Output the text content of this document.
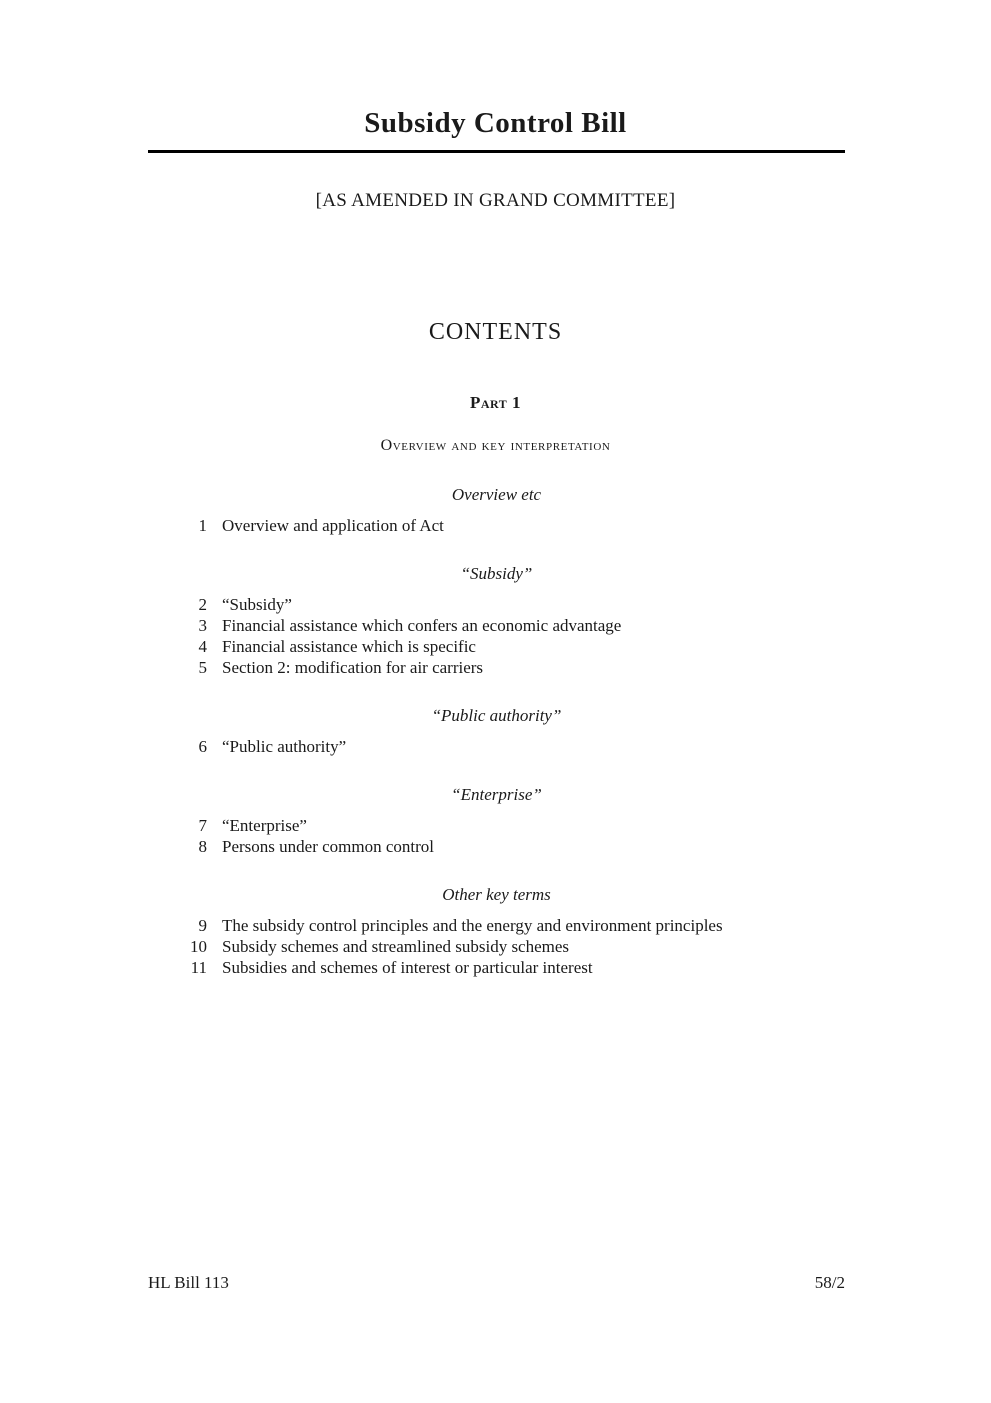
Subsidy Control Bill
[AS AMENDED IN GRAND COMMITTEE]
CONTENTS
Part 1
Overview and key interpretation
Overview etc
1 Overview and application of Act
“Subsidy”
2 “Subsidy”
3 Financial assistance which confers an economic advantage
4 Financial assistance which is specific
5 Section 2: modification for air carriers
“Public authority”
6 “Public authority”
“Enterprise”
7 “Enterprise”
8 Persons under common control
Other key terms
9 The subsidy control principles and the energy and environment principles
10 Subsidy schemes and streamlined subsidy schemes
11 Subsidies and schemes of interest or particular interest
HL Bill 113	58/2
